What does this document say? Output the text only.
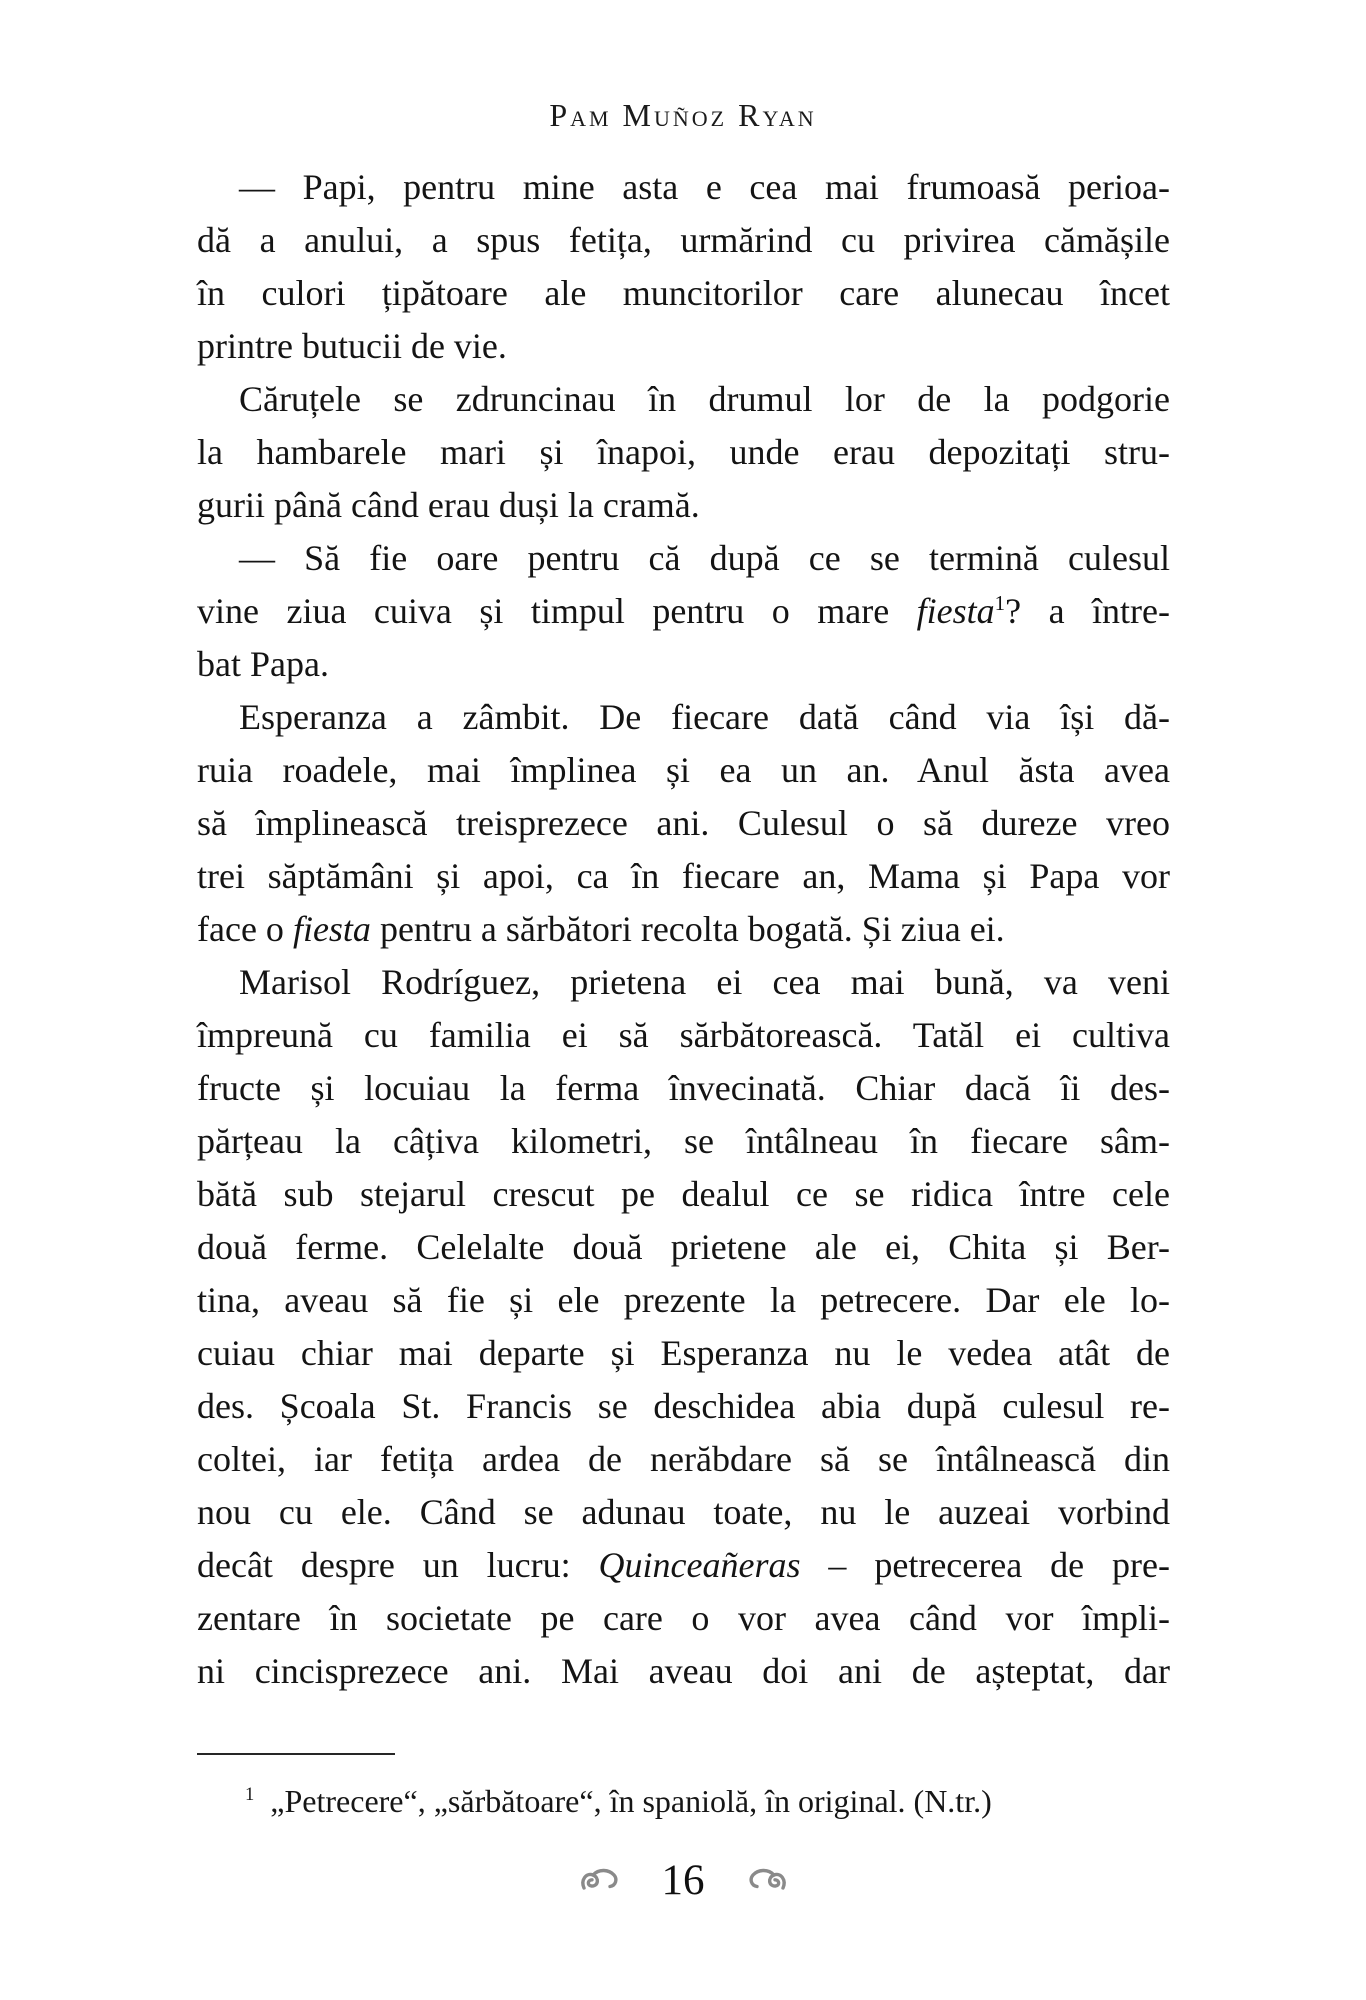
Pam Muñoz Ryan
— Papi, pentru mine asta e cea mai frumoasă perioa-
dă a anului, a spus fetița, urmărind cu privirea cămășile
în culori țipătoare ale muncitorilor care alunecau încet
printre butucii de vie.
Căruțele se zdruncinau în drumul lor de la podgorie
la hambarele mari și înapoi, unde erau depozitați stru-
gurii până când erau duși la cramă.
— Să fie oare pentru că după ce se termină culesul
vine ziua cuiva și timpul pentru o mare fiesta$^1$? a între-
bat Papa.
Esperanza a zâmbit. De fiecare dată când via își dă-
ruia roadele, mai împlinea și ea un an. Anul ăsta avea
să împlinească treisprezece ani. Culesul o să dureze vreo
trei săptămâni și apoi, ca în fiecare an, Mama și Papa vor
face o fiesta pentru a sărbători recolta bogată. Și ziua ei.
Marisol Rodríguez, prietena ei cea mai bună, va veni
împreună cu familia ei să sărbătorească. Tatăl ei cultiva
fructe și locuiau la ferma învecinată. Chiar dacă îi des-
părțeau la câțiva kilometri, se întâlneau în fiecare sâm-
bătă sub stejarul crescut pe dealul ce se ridica între cele
două ferme. Celelalte două prietene ale ei, Chita și Ber-
tina, aveau să fie și ele prezente la petrecere. Dar ele lo-
cuiau chiar mai departe și Esperanza nu le vedea atât de
des. Școala St. Francis se deschidea abia după culesul re-
coltei, iar fetița ardea de nerăbdare să se întâlnească din
nou cu ele. Când se adunau toate, nu le auzeai vorbind
decât despre un lucru: Quinceañeras – petrecerea de pre-
zentare în societate pe care o vor avea când vor împli-
ni cincisprezece ani. Mai aveau doi ani de așteptat, dar
$^1$ „Petrecere“, „sărbătoare“, în spaniolă, în original. (N.tr.)
16
